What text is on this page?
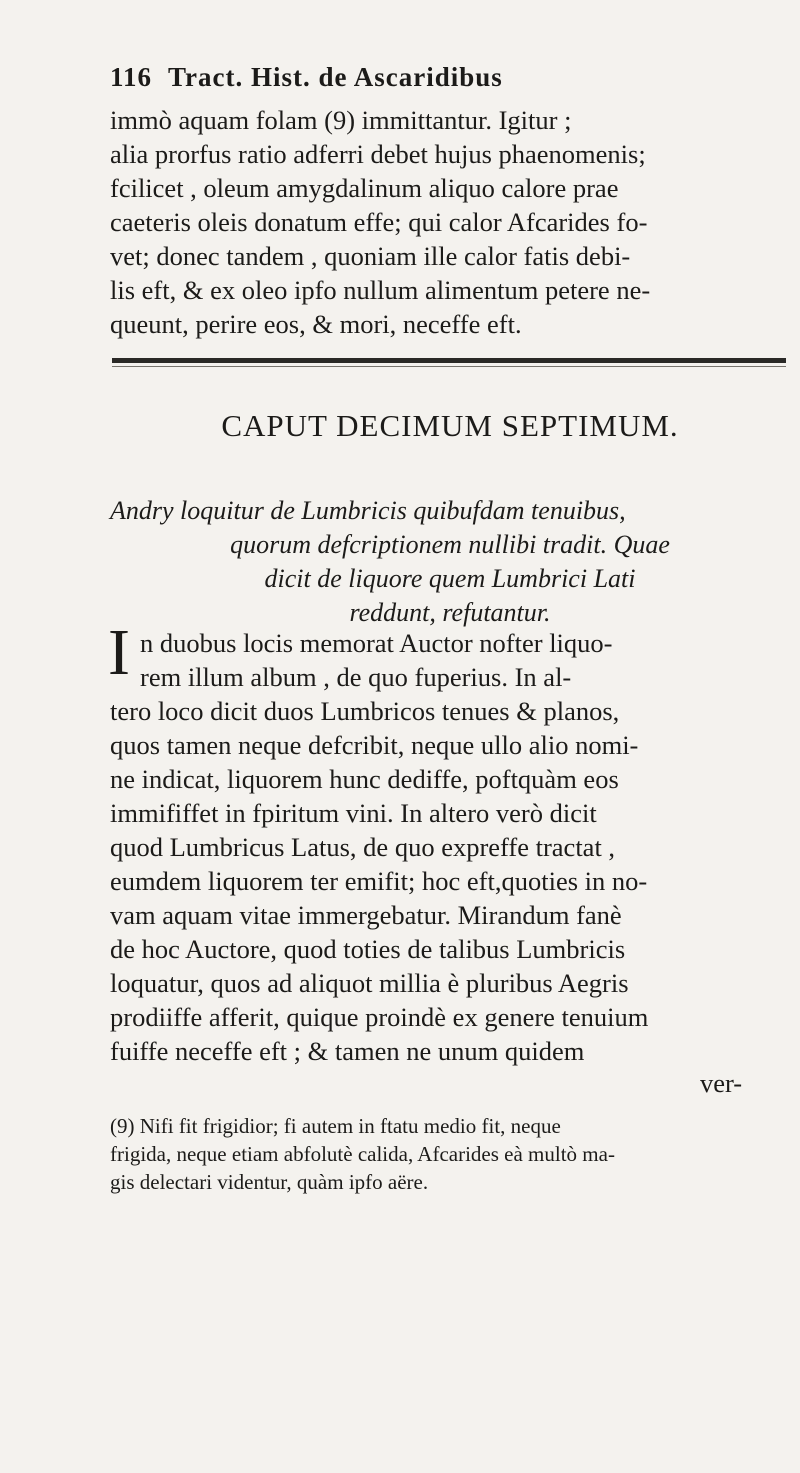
116 Tract. Hist. de Ascaridibus
immò aquam folam (9) immittantur. Igitur ;
alia prorfus ratio adferri debet hujus phaenomenis;
fcilicet , oleum amygdalinum aliquo calore prae
caeteris oleis donatum effe; qui calor Afcarides fo-
vet; donec tandem , quoniam ille calor fatis debi-
lis eft, & ex oleo ipfo nullum alimentum petere ne-
queunt, perire eos, & mori, neceffe eft.
CAPUT DECIMUM SEPTIMUM.
Andry loquitur de Lumbricis quibufdam tenuibus,
quorum defcriptionem nullibi tradit. Quae
dicit de liquore quem Lumbrici Lati
reddunt, refutantur.
I n duobus locis memorat Auctor nofter liquo-
rem illum album , de quo fuperius. In al-
tero loco dicit duos Lumbricos tenues & planos,
quos tamen neque defcribit, neque ullo alio nomi-
ne indicat, liquorem hunc dediffe, poftquàm eos
immififfet in fpiritum vini. In altero verò dicit
quod Lumbricus Latus, de quo expreffe tractat ,
eumdem liquorem ter emifit; hoc eft,quoties in no-
vam aquam vitae immergebatur. Mirandum fanè
de hoc Auctore, quod toties de talibus Lumbricis
loquatur, quos ad aliquot millia è pluribus Aegris
prodiiffe afferit, quique proindè ex genere tenuium
fuiffe neceffe eft ; & tamen ne unum quidem
ver-
(9) Nifi fit frigidior; fi autem in ftatu medio fit, neque
frigida, neque etiam abfolutè calida, Afcarides eà multò ma-
gis delectari videntur, quàm ipfo aëre.
